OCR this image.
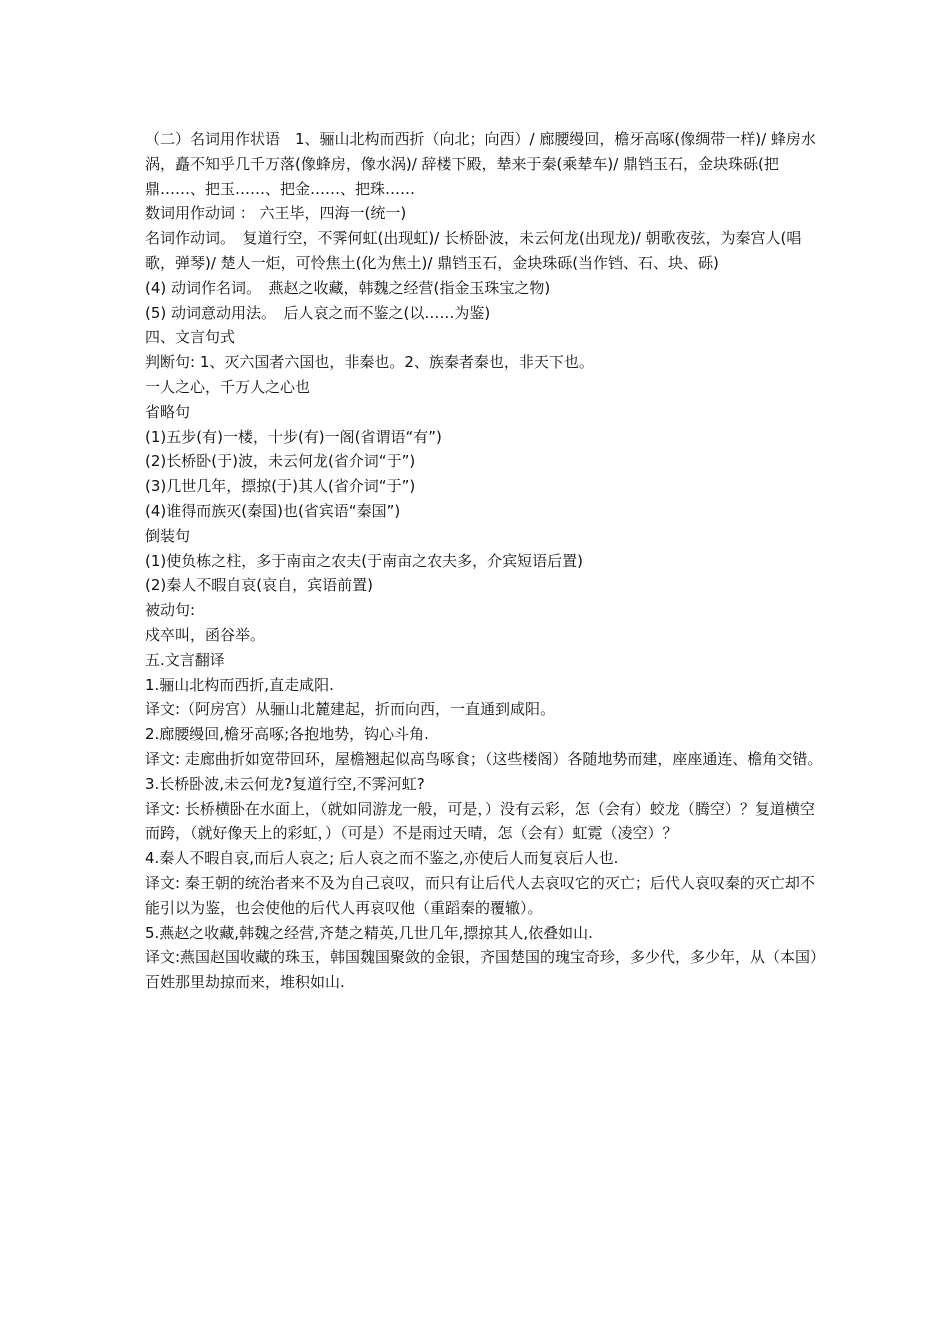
（二）名词用作状语　1、骊山北构而西折（向北；向西）/ 廊腰缦回，檐牙高啄(像绸带一样)/ 蜂房水涡，矗不知乎几千万落(像蜂房，像水涡)/ 辞楼下殿，辇来于秦(乘辇车)/ 鼎铛玉石，金块珠砾(把鼎……、把玉……、把金……、把珠……

数词用作动词 ： 六王毕，四海一(统一)

名词作动词。　复道行空，不霁何虹(出现虹)/ 长桥卧波，未云何龙(出现龙)/ 朝歌夜弦，为秦宫人(唱歌，弹琴)/ 楚人一炬，可怜焦土(化为焦土)/ 鼎铛玉石，金块珠砾(当作铛、石、块、砾)

(4) 动词作名词。　燕赵之收藏，韩魏之经营(指金玉珠宝之物)

(5) 动词意动用法。　后人哀之而不鉴之(以……为鉴)

四、文言句式

判断句: 1、灭六国者六国也，非秦也。2、族秦者秦也，非天下也。

一人之心，千万人之心也

省略句

(1)五步(有)一楼，十步(有)一阁(省谓语“有”)

(2)长桥卧(于)波，未云何龙(省介词“于”)

(3)几世几年，摽掠(于)其人(省介词“于”)

(4)谁得而族灭(秦国)也(省宾语“秦国”)

倒装句

(1)使负栋之柱，多于南亩之农夫(于南亩之农夫多，介宾短语后置)

(2)秦人不暇自哀(哀自，宾语前置)

被动句:

戍卒叫，函谷举。

五.文言翻译

1.骊山北构而西折,直走咸阳.

译文:（阿房宫）从骊山北麓建起，折而向西，一直通到咸阳。

2.廊腰缦回,檐牙高啄;各抱地势，钩心斗角.

译文: 走廊曲折如宽带回环，屋檐翘起似高鸟啄食；（这些楼阁）各随地势而建，座座通连、檐角交错。

3.长桥卧波,未云何龙?复道行空,不霁河虹?

译文: 长桥横卧在水面上，（就如同游龙一般，可是，）没有云彩，怎（会有）蛟龙（腾空）？复道横空而跨，（就好像天上的彩虹，）（可是）不是雨过天晴，怎（会有）虹霓（凌空）？

4.秦人不暇自哀,而后人哀之; 后人哀之而不鉴之,亦使后人而复哀后人也.

译文: 秦王朝的统治者来不及为自己哀叹，而只有让后代人去哀叹它的灭亡；后代人哀叹秦的灭亡却不能引以为鉴，也会使他的后代人再哀叹他（重蹈秦的覆辙）。

5.燕赵之收藏,韩魏之经营,齐楚之精英,几世几年,摽掠其人,依叠如山.

译文:燕国赵国收藏的珠玉，韩国魏国聚敛的金银，齐国楚国的瑰宝奇珍，多少代，多少年，从（本国）百姓那里劫掠而来，堆积如山.
